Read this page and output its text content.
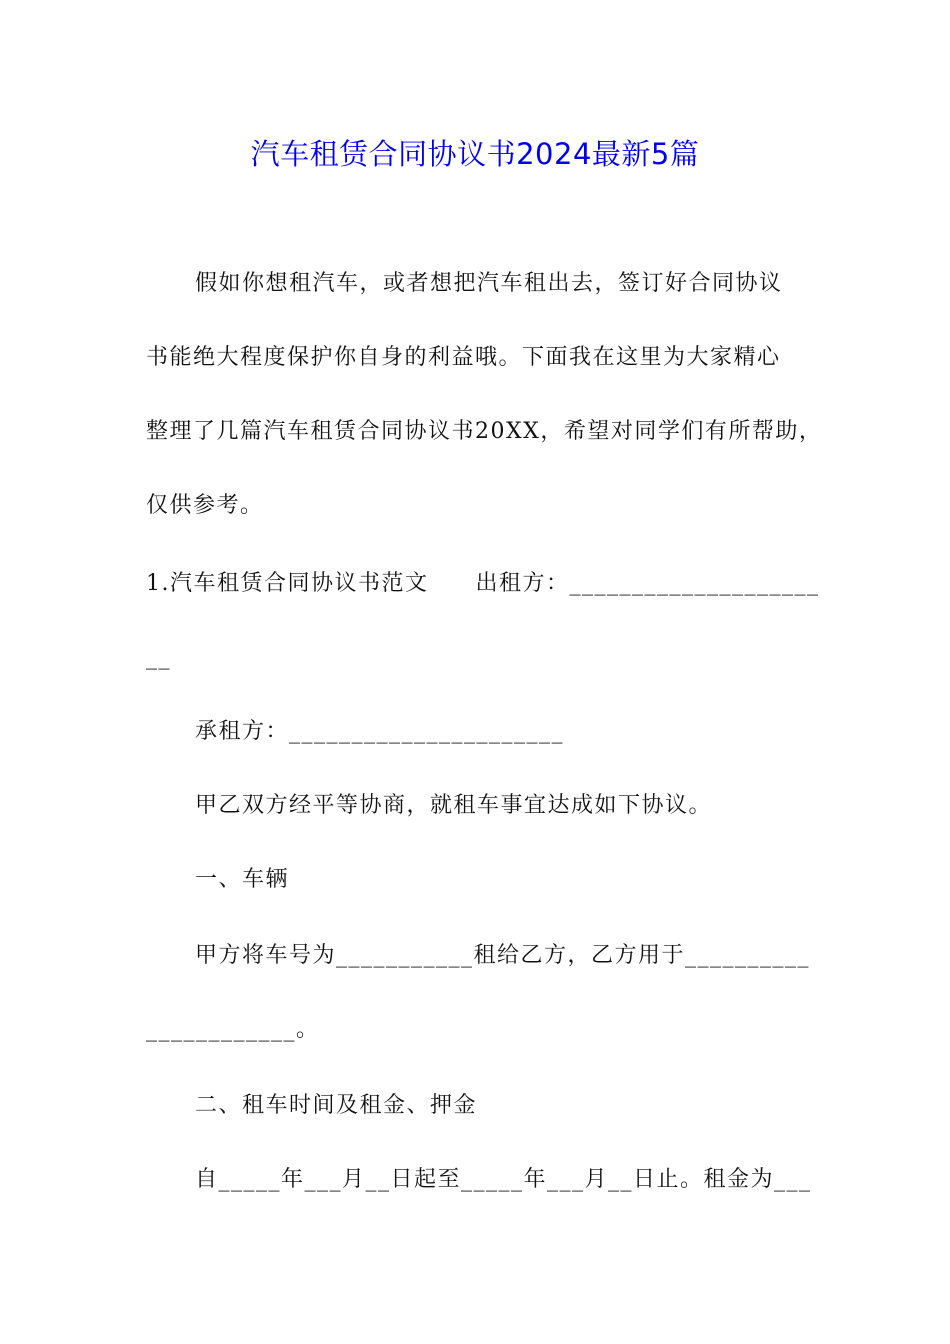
汽车租赁合同协议书2024最新5篇
假如你想租汽车，或者想把汽车租出去，签订好合同协议
书能绝大程度保护你自身的利益哦。下面我在这里为大家精心
整理了几篇汽车租赁合同协议书20XX，希望对同学们有所帮助，
仅供参考。
1.汽车租赁合同协议书范文　　出租方：____________________
__
承租方：______________________
甲乙双方经平等协商，就租车事宜达成如下协议。
一、车辆
甲方将车号为___________租给乙方，乙方用于__________
____________。
二、租车时间及租金、押金
自_____年___月__日起至_____年___月__日止。租金为___
